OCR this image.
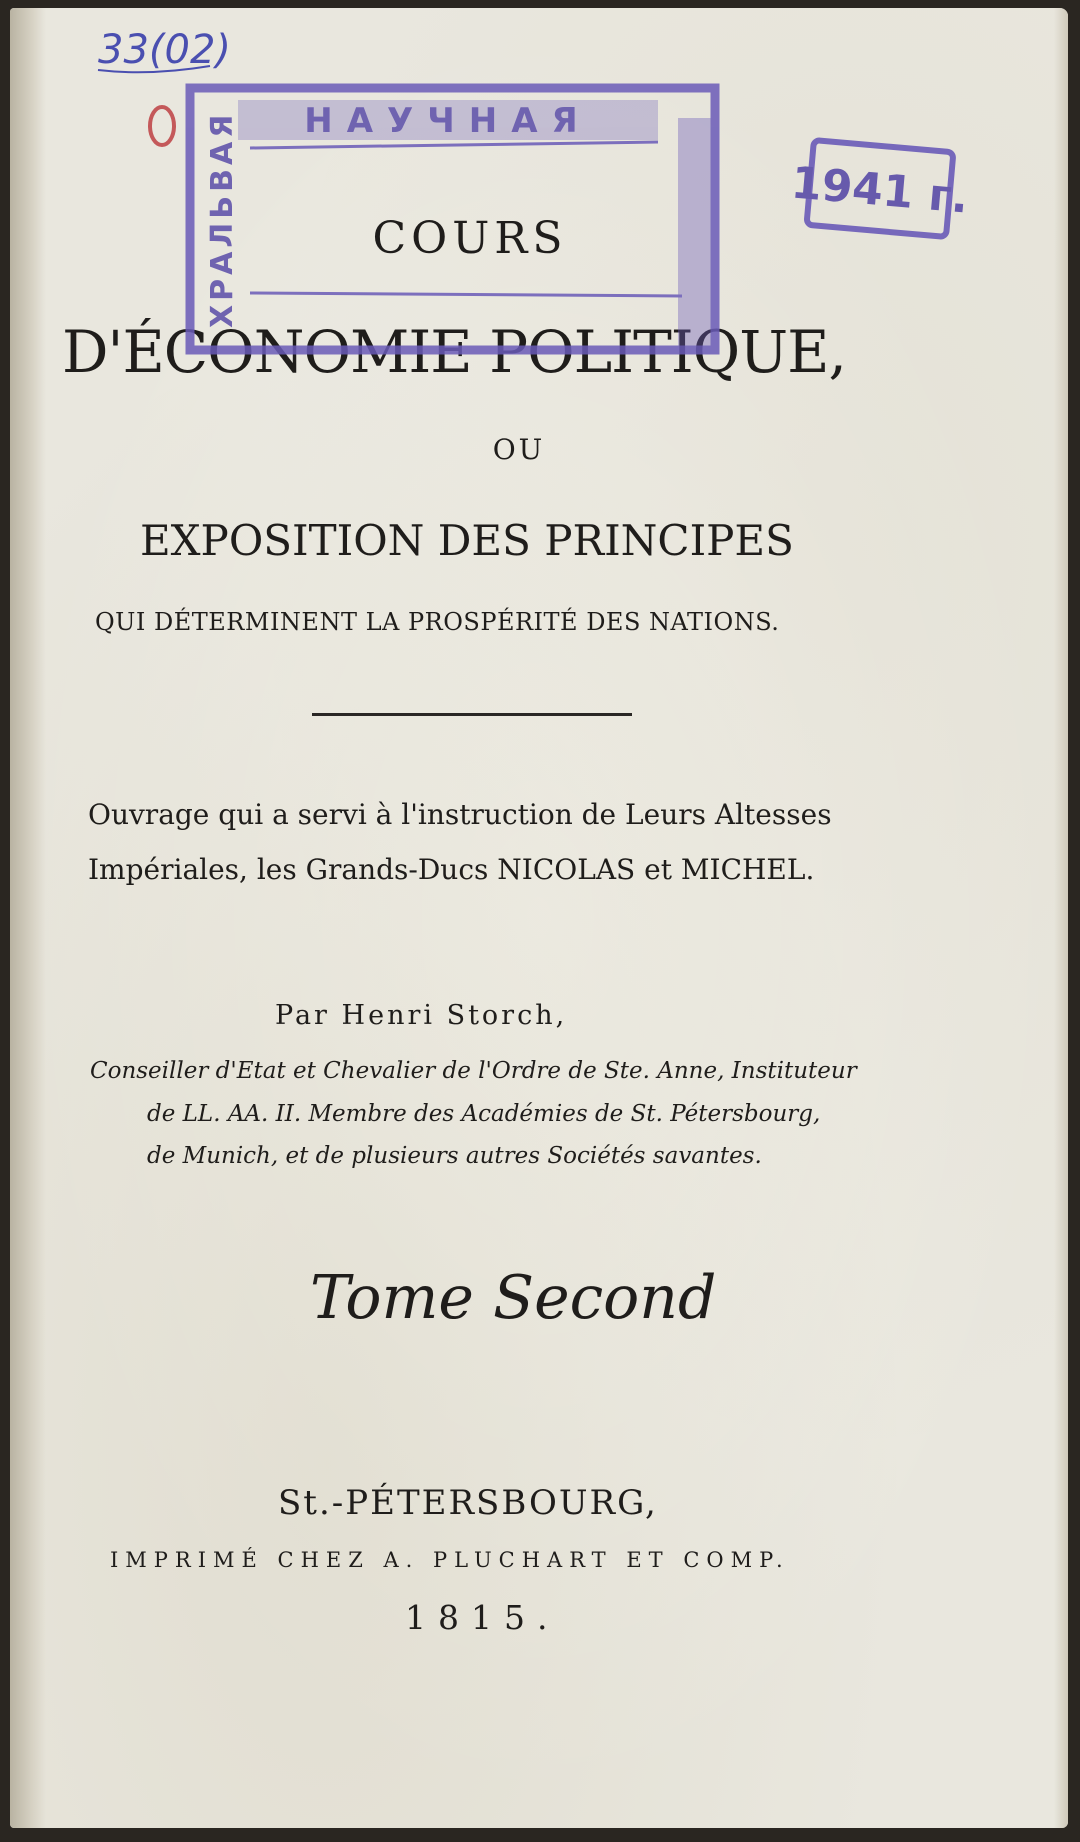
COURS
D'ÉCONOMIE POLITIQUE,
OU
EXPOSITION DES PRINCIPES
QUI DÉTERMINENT LA PROSPÉRITÉ DES NATIONS.
Ouvrage qui a servi à l'instruction de Leurs Altesses
Impériales, les Grands-Ducs NICOLAS et MICHEL.
Par Henri Storch,
Conseiller d'Etat et Chevalier de l'Ordre de Ste. Anne, Instituteur
de LL. AA. II. Membre des Académies de St. Pétersbourg,
de Munich, et de plusieurs autres Sociétés savantes.
Tome Second
St.-PÉTERSBOURG,
IMPRIMÉ CHEZ A. PLUCHART ET COMP.
1815.
33(02)
НАУЧНАЯ
ХРАЛЬВАЯ	1941 г.
